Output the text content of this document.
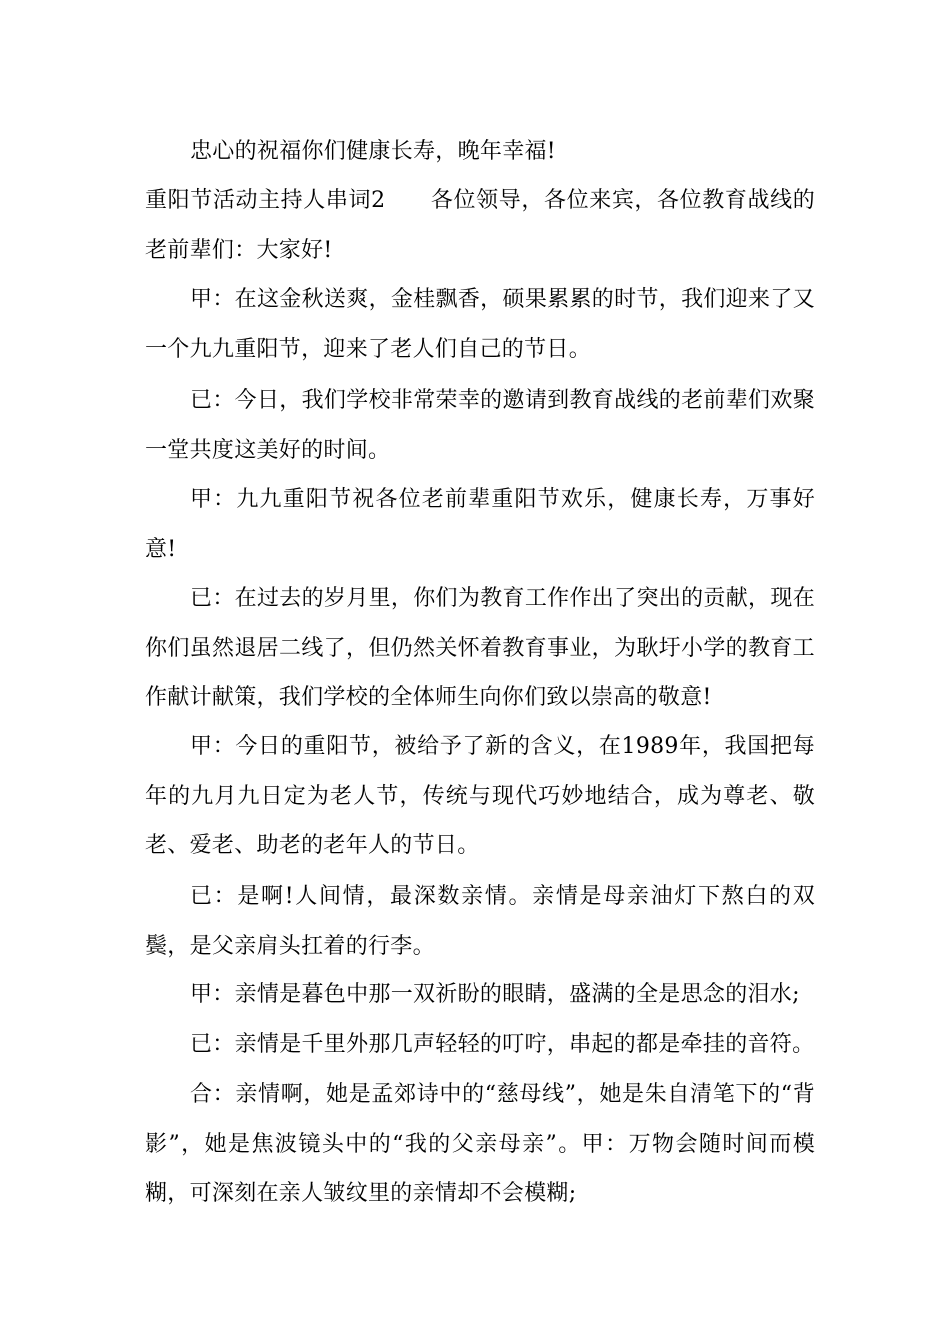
忠心的祝福你们健康长寿，晚年幸福!

重阳节活动主持人串词2　　各位领导，各位来宾，各位教育战线的老前辈们：大家好!

甲：在这金秋送爽，金桂飘香，硕果累累的时节，我们迎来了又一个九九重阳节，迎来了老人们自己的节日。

已：今日，我们学校非常荣幸的邀请到教育战线的老前辈们欢聚一堂共度这美好的时间。

甲：九九重阳节祝各位老前辈重阳节欢乐，健康长寿，万事好意!

已：在过去的岁月里，你们为教育工作作出了突出的贡献，现在你们虽然退居二线了，但仍然关怀着教育事业，为耿圩小学的教育工作献计献策，我们学校的全体师生向你们致以崇高的敬意!

甲：今日的重阳节，被给予了新的含义，在1989年，我国把每年的九月九日定为老人节，传统与现代巧妙地结合，成为尊老、敬老、爱老、助老的老年人的节日。

已：是啊!人间情，最深数亲情。亲情是母亲油灯下熬白的双鬓，是父亲肩头扛着的行李。

甲：亲情是暮色中那一双祈盼的眼睛，盛满的全是思念的泪水;

已：亲情是千里外那几声轻轻的叮咛，串起的都是牵挂的音符。

合：亲情啊，她是孟郊诗中的“慈母线”，她是朱自清笔下的“背影”，她是焦波镜头中的“我的父亲母亲”。甲：万物会随时间而模糊，可深刻在亲人皱纹里的亲情却不会模糊;
